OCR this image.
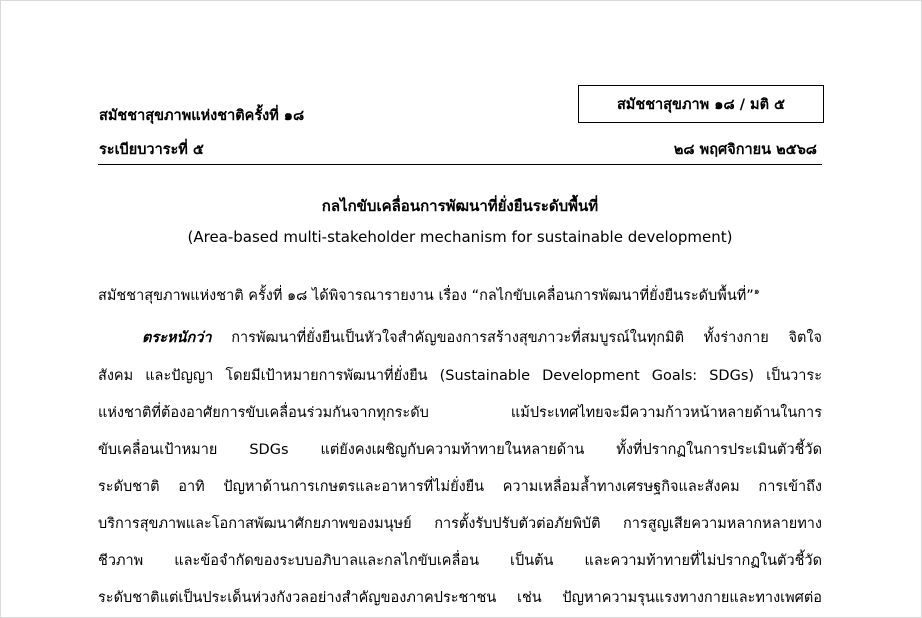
สมัชชาสุขภาพแห่งชาติครั้งที่ ๑๘
ระเบียบวาระที่ ๕
สมัชชาสุขภาพ ๑๘ / มติ ๕
๒๘ พฤศจิกายน ๒๕๖๘
กลไกขับเคลื่อนการพัฒนาที่ยั่งยืนระดับพื้นที่
(Area-based multi-stakeholder mechanism for sustainable development)
สมัชชาสุขภาพแห่งชาติ ครั้งที่ ๑๘ ได้พิจารณารายงาน เรื่อง “กลไกขับเคลื่อนการพัฒนาที่ยั่งยืนระดับพื้นที่”$^๑$
ตระหนักว่า การพัฒนาที่ยั่งยืนเป็นหัวใจสำคัญของการสร้างสุขภาวะที่สมบูรณ์ในทุกมิติ ทั้งร่างกาย จิตใจ
สังคม และปัญญา โดยมีเป้าหมายการพัฒนาที่ยั่งยืน (Sustainable Development Goals: SDGs) เป็นวาระ
แห่งชาติที่ต้องอาศัยการขับเคลื่อนร่วมกันจากทุกระดับ แม้ประเทศไทยจะมีความก้าวหน้าหลายด้านในการ
ขับเคลื่อนเป้าหมาย SDGs แต่ยังคงเผชิญกับความท้าทายในหลายด้าน ทั้งที่ปรากฏในการประเมินตัวชี้วัด
ระดับชาติ อาทิ ปัญหาด้านการเกษตรและอาหารที่ไม่ยั่งยืน ความเหลื่อมล้ำทางเศรษฐกิจและสังคม การเข้าถึง
บริการสุขภาพและโอกาสพัฒนาศักยภาพของมนุษย์ การตั้งรับปรับตัวต่อภัยพิบัติ การสูญเสียความหลากหลายทาง
ชีวภาพ และข้อจำกัดของระบบอภิบาลและกลไกขับเคลื่อน เป็นต้น และความท้าทายที่ไม่ปรากฏในตัวชี้วัด
ระดับชาติแต่เป็นประเด็นห่วงกังวลอย่างสำคัญของภาคประชาชน เช่น ปัญหาความรุนแรงทางกายและทางเพศต่อ
